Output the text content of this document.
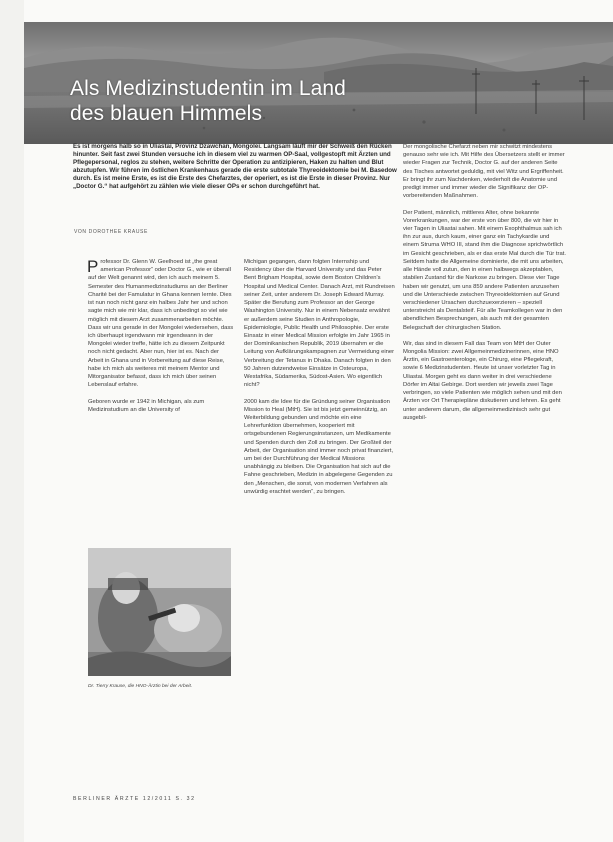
Als Medizinstudentin im Land
des blauen Himmels

Es ist morgens halb so in Uliastai, Provinz Dzawchan, Mongolei. Langsam läuft mir der Schweiß den Rücken hinunter. Seit fast zwei Stunden versuche ich in diesem viel zu warmen OP-Saal, vollgestopft mit Ärzten und Pflegepersonal, reglos zu stehen, weitere Schritte der Operation zu antizipieren, Haken zu halten und Blut abzutupfen. Wir führen im östlichen Krankenhaus gerade die erste subtotale Thyreoidektomie bei M. Basedow durch. Es ist meine Erste, es ist die Erste des Chefarztes, der operiert, es ist die Erste in dieser Provinz. Nur „Doctor G.“ hat aufgehört zu zählen wie viele dieser OPs er schon durchgeführt hat.

VON DOROTHEE KRAUSE

Professor Dr. Glenn W. Geelhoed ist „the great american Professor“ oder Doctor G., wie er überall auf der Welt genannt wird, den ich auch meinem 5. Semester des Humanmedizinstudiums an der Berliner Charité bei der Famulatur in Ghana kennen lernte. Dies ist nun noch nicht ganz ein halbes Jahr her und schon sagte mich wie mir klar, dass ich unbedingt so viel wie möglich mit diesem Arzt zusammenarbeiten möchte. Dass wir uns gerade in der Mongolei wiedersehen, dass ich überhaupt irgendwann mir irgendwann in der Mongolei wieder treffe, hätte ich zu diesem Zeitpunkt noch nicht gedacht. Aber nun, hier ist es. Nach der Arbeit in Ghana und in Vorbereitung auf diese Reise, habe ich mich als weiteres mit meinem Mentor und Mitorganisator befasst, dass ich mich über seinen Lebenslauf erfahre.

Geboren wurde er 1942 in Michigan, als zum Medizinstudium an die University of

Dr. Tierry Krause, die HNO-Ärztin bei der Arbeit.

Michigan gegangen, dann folgten Internship und Residency über die Harvard University und das Peter Bent Brigham Hospital, sowie dem Boston Children's Hospital und Medical Center. Danach Arzt, mit Rundreisen seiner Zeit, unter anderem Dr. Joseph Edward Murray. Später die Berufung zum Professor an der George Washington University. Nur in einem Nebensatz erwähnt er außerdem seine Studien in Anthropologie, Epidemiologie, Public Health und Philosophie. Der erste Einsatz in einer Medical Mission erfolgte im Jahr 1965 in der Dominikanischen Republik, 2019 übernahm er die Leitung von Aufklärungskampagnen zur Vermeidung einer Verbreitung der Tetanus in Dhaka. Danach folgten in den 50 Jahren dutzendweise Einsätze in Osteuropa, Westafrika, Südamerika, Südost-Asien. Wo eigentlich nicht?

2000 kam die Idee für die Gründung seiner Organisation Mission to Heal (MtH). Sie ist bis jetzt gemeinnützig, an Weiterbildung gebunden und möchte ein eine Lehrerfunktion übernehmen, kooperiert mit ortsgebundenen Regierungsinstanzen, um Medikamente und Spenden durch den Zoll zu bringen. Der Großteil der Arbeit, der Organisation sind immer noch privat finanziert, um bei der Durchführung der Medical Missions unabhängig zu bleiben. Die Organisation hat sich auf die Fahne geschrieben, Medizin in abgelegene Gegenden zu den „Menschen, die sonst, von modernen Verfahren als unwürdig erachtet werden“, zu bringen.

Der mongolische Chefarzt neben mir schwitzt mindestens genauso sehr wie ich. Mit Hilfe des Übersetzers stellt er immer wieder Fragen zur Technik, Doctor G. auf der anderen Seite des Tisches antwortet geduldig, mit viel Witz und Ergriffenheit. Er bringt ihr zum Nachdenken, wiederholt die Anatomie und predigt immer und immer wieder die Signifikanz der OP-vorbereitenden Maßnahmen.

Der Patient, männlich, mittleres Alter, ohne bekannte Vorerkrankungen, war der erste von über 800, die wir hier in vier Tagen in Uliastai sahen. Mit einem Exophthalmus sah ich ihn zur aus, durch kaum, einer ganz ein Tachykardie und einem Struma WHO III, stand ihm die Diagnose sprichwörtlich im Gesicht geschrieben, als er das erste Mal durch die Tür trat. Seitdem hatte die Allgemeine dominierte, die mit uns arbeiten, alle Hände voll zutun, den in einen halbwegs akzeptablen, stabilen Zustand für die Narkose zu bringen. Diese vier Tage haben wir genutzt, um uns 859 andere Patienten anzusehen und die Unterschiede zwischen Thyreoidektomien auf Grund verschiedener Ursachen durchzuexerzieren – speziell unterstreicht als Dentalsteif. Für alle Teamkollegen war in den abendlichen Besprechungen, als auch mit der gesamten Belegschaft der chirurgischen Station.

Wir, das sind in diesem Fall das Team von MtH der Outer Mongolia Mission: zwei Allgemeinmedizinerinnen, eine HNO Ärztin, ein Gastroenterologe, ein Chirurg, eine Pflegekraft, sowie 6 Medizinstudenten. Heute ist unser vorletzter Tag in Uliastai. Morgen geht es dann weiter in drei verschiedene Dörfer im Altai Gebirge. Dort werden wir jeweils zwei Tage verbringen, so viele Patienten wie möglich sehen und mit den Ärzten vor Ort Therapiepläne diskutieren und lehren. Es geht unter anderem darum, die allgemeinmedizinisch sehr gut ausgebil-

BERLINER ÄRZTE 12/2011 S. 32
